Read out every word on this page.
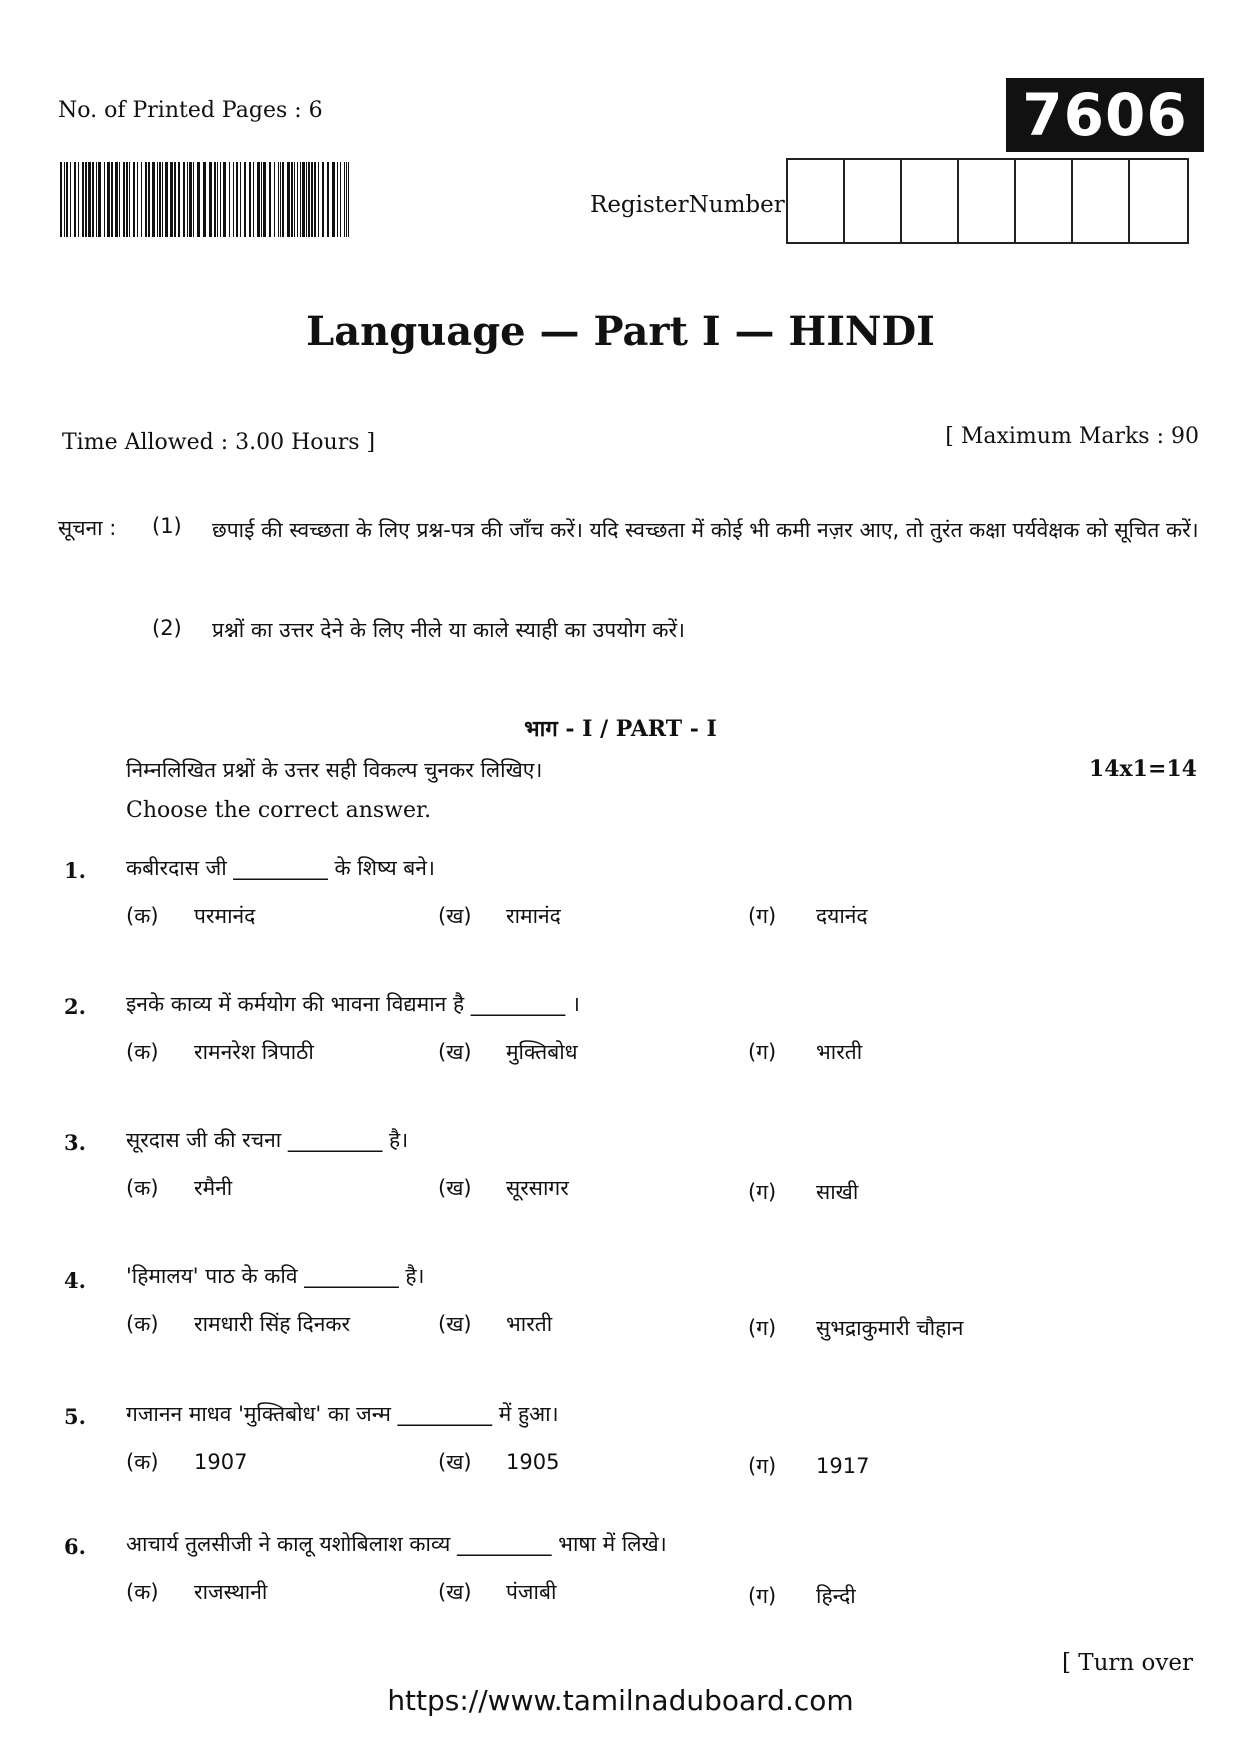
No. of Printed Pages : 6	7606
RegisterNumber
Language — Part I — HINDI
Time Allowed : 3.00 Hours ]	[ Maximum Marks : 90
सूचना : (1) छपाई की स्वच्छता के लिए प्रश्न-पत्र की जाँच करें। यदि स्वच्छता में कोई भी कमी नज़र आए, तो तुरंत कक्षा पर्यवेक्षक को सूचित करें।
(2) प्रश्नों का उत्तर देने के लिए नीले या काले स्याही का उपयोग करें।
भाग - I / PART - I
निम्नलिखित प्रश्नों के उत्तर सही विकल्प चुनकर लिखिए।	14x1=14
Choose the correct answer.
1. कबीरदास जी _________ के शिष्य बने।
(क) परमानंद	(ख) रामानंद	(ग) दयानंद
2. इनके काव्य में कर्मयोग की भावना विद्यमान है _________ ।
(क) रामनरेश त्रिपाठी	(ख) मुक्तिबोध	(ग) भारती
3. सूरदास जी की रचना _________ है।
(क) रमैनी	(ख) सूरसागर	(ग) साखी
4. 'हिमालय' पाठ के कवि _________ है।
(क) रामधारी सिंह दिनकर	(ख) भारती	(ग) सुभद्राकुमारी चौहान
5. गजानन माधव 'मुक्तिबोध' का जन्म _________ में हुआ।
(क) 1907	(ख) 1905	(ग) 1917
6. आचार्य तुलसीजी ने कालू यशोबिलाश काव्य _________ भाषा में लिखे।
(क) राजस्थानी	(ख) पंजाबी	(ग) हिन्दी
[ Turn over
https://www.tamilnaduboard.com
